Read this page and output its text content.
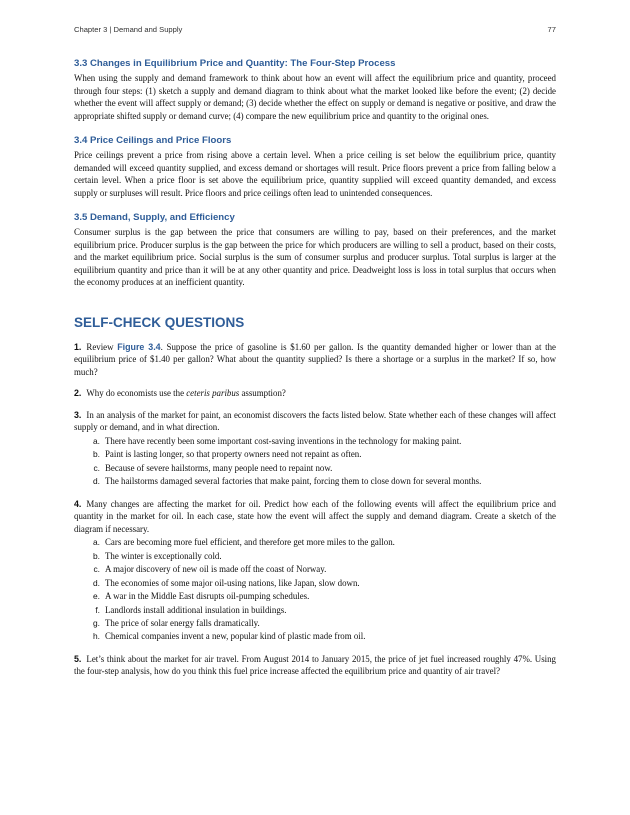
Chapter 3 | Demand and Supply	77
3.3 Changes in Equilibrium Price and Quantity: The Four-Step Process

When using the supply and demand framework to think about how an event will affect the equilibrium price and quantity, proceed through four steps: (1) sketch a supply and demand diagram to think about what the market looked like before the event; (2) decide whether the event will affect supply or demand; (3) decide whether the effect on supply or demand is negative or positive, and draw the appropriate shifted supply or demand curve; (4) compare the new equilibrium price and quantity to the original ones.

3.4 Price Ceilings and Price Floors

Price ceilings prevent a price from rising above a certain level. When a price ceiling is set below the equilibrium price, quantity demanded will exceed quantity supplied, and excess demand or shortages will result. Price floors prevent a price from falling below a certain level. When a price floor is set above the equilibrium price, quantity supplied will exceed quantity demanded, and excess supply or surpluses will result. Price floors and price ceilings often lead to unintended consequences.

3.5 Demand, Supply, and Efficiency

Consumer surplus is the gap between the price that consumers are willing to pay, based on their preferences, and the market equilibrium price. Producer surplus is the gap between the price for which producers are willing to sell a product, based on their costs, and the market equilibrium price. Social surplus is the sum of consumer surplus and producer surplus. Total surplus is larger at the equilibrium quantity and price than it will be at any other quantity and price. Deadweight loss is loss in total surplus that occurs when the economy produces at an inefficient quantity.

SELF-CHECK QUESTIONS

1. Review Figure 3.4. Suppose the price of gasoline is $1.60 per gallon. Is the quantity demanded higher or lower than at the equilibrium price of $1.40 per gallon? What about the quantity supplied? Is there a shortage or a surplus in the market? If so, how much?

2. Why do economists use the ceteris paribus assumption?

3. In an analysis of the market for paint, an economist discovers the facts listed below. State whether each of these changes will affect supply or demand, and in what direction.

a. There have recently been some important cost-saving inventions in the technology for making paint.
b. Paint is lasting longer, so that property owners need not repaint as often.
c. Because of severe hailstorms, many people need to repaint now.
d. The hailstorms damaged several factories that make paint, forcing them to close down for several months.

4. Many changes are affecting the market for oil. Predict how each of the following events will affect the equilibrium price and quantity in the market for oil. In each case, state how the event will affect the supply and demand diagram. Create a sketch of the diagram if necessary.

a. Cars are becoming more fuel efficient, and therefore get more miles to the gallon.
b. The winter is exceptionally cold.
c. A major discovery of new oil is made off the coast of Norway.
d. The economies of some major oil-using nations, like Japan, slow down.
e. A war in the Middle East disrupts oil-pumping schedules.
f. Landlords install additional insulation in buildings.
g. The price of solar energy falls dramatically.
h. Chemical companies invent a new, popular kind of plastic made from oil.

5. Let’s think about the market for air travel. From August 2014 to January 2015, the price of jet fuel increased roughly 47%. Using the four-step analysis, how do you think this fuel price increase affected the equilibrium price and quantity of air travel?
